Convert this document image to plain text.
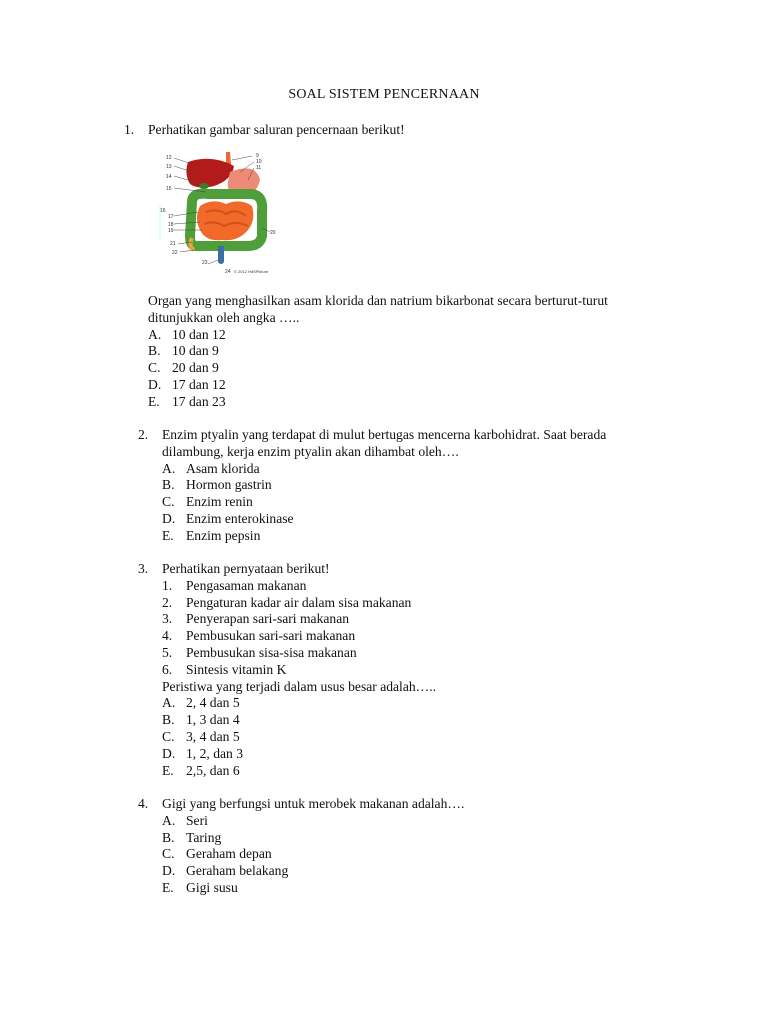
SOAL SISTEM PENCERNAAN
1. Perhatikan gambar saluran pencernaan berikut!
12
13
14
15
16
17
18
19	20
21
22
23
24
9
10
11
© 2012 HdSPicture
Organ yang menghasilkan asam klorida dan natrium bikarbonat secara berturut-turut
ditunjukkan oleh angka …..
A. 10 dan 12
B. 10 dan 9
C. 20 dan 9
D. 17 dan 12
E. 17 dan 23
2. Enzim ptyalin yang terdapat di mulut bertugas mencerna karbohidrat. Saat berada
dilambung, kerja enzim ptyalin akan dihambat oleh….
A. Asam klorida
B. Hormon gastrin
C. Enzim renin
D. Enzim enterokinase
E. Enzim pepsin
3. Perhatikan pernyataan berikut!
1. Pengasaman makanan
2. Pengaturan kadar air dalam sisa makanan
3. Penyerapan sari-sari makanan
4. Pembusukan sari-sari makanan
5. Pembusukan sisa-sisa makanan
6. Sintesis vitamin K
Peristiwa yang terjadi dalam usus besar adalah…..
A. 2, 4 dan 5
B. 1, 3 dan 4
C. 3, 4 dan 5
D. 1, 2, dan 3
E. 2,5, dan 6
4. Gigi yang berfungsi untuk merobek makanan adalah….
A. Seri
B. Taring
C. Geraham depan
D. Geraham belakang
E. Gigi susu
